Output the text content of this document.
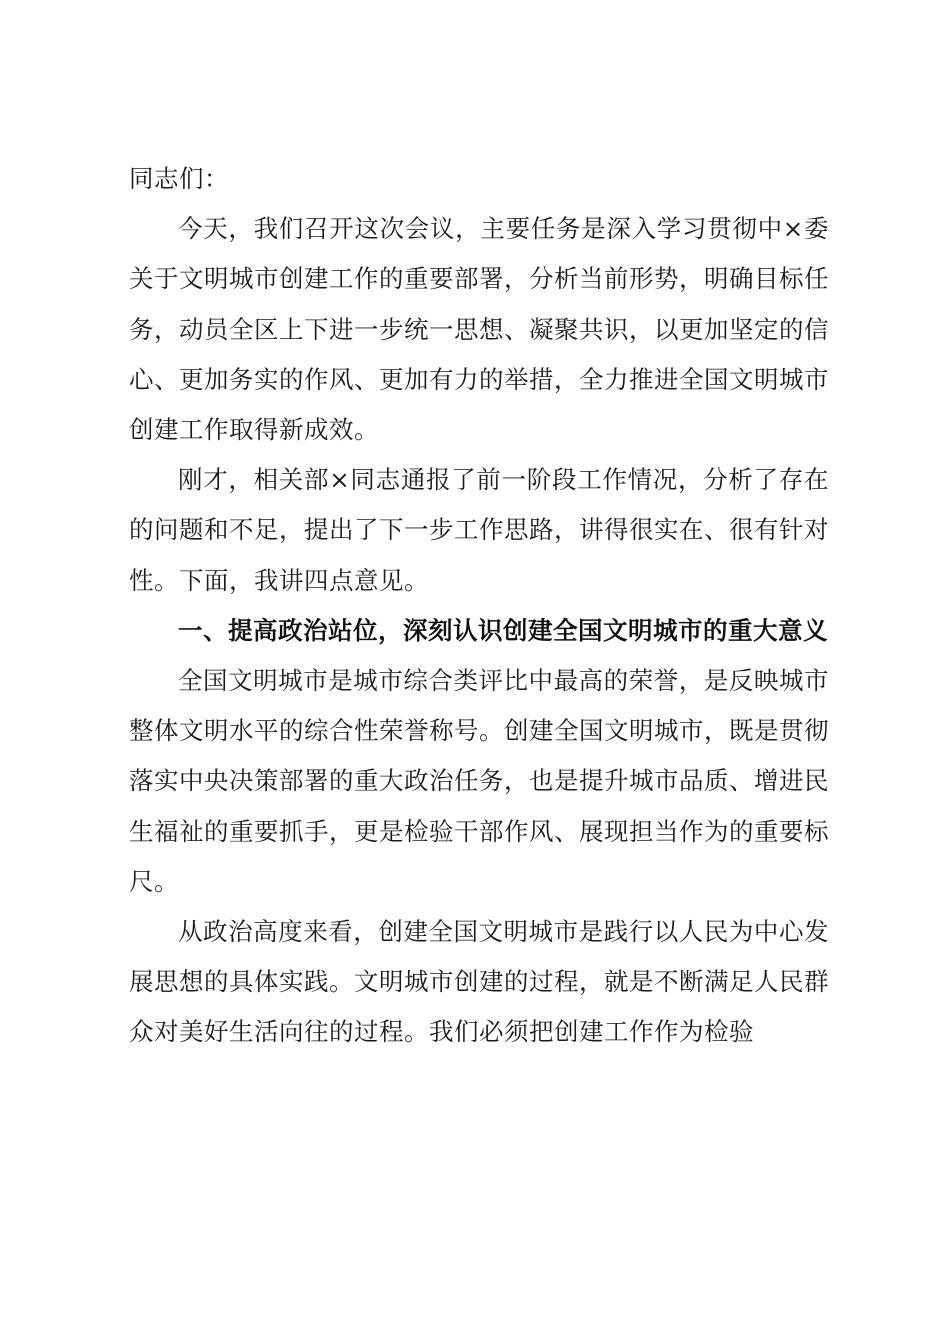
同志们：

今天，我们召开这次会议，主要任务是深入学习贯彻中×委关于文明城市创建工作的重要部署，分析当前形势，明确目标任务，动员全区上下进一步统一思想、凝聚共识，以更加坚定的信心、更加务实的作风、更加有力的举措，全力推进全国文明城市创建工作取得新成效。

刚才，相关部×同志通报了前一阶段工作情况，分析了存在的问题和不足，提出了下一步工作思路，讲得很实在、很有针对性。下面，我讲四点意见。

一、提高政治站位，深刻认识创建全国文明城市的重大意义

全国文明城市是城市综合类评比中最高的荣誉，是反映城市整体文明水平的综合性荣誉称号。创建全国文明城市，既是贯彻落实中央决策部署的重大政治任务，也是提升城市品质、增进民生福祉的重要抓手，更是检验干部作风、展现担当作为的重要标尺。

从政治高度来看，创建全国文明城市是践行以人民为中心发展思想的具体实践。文明城市创建的过程，就是不断满足人民群众对美好生活向往的过程。我们必须把创建工作作为检验
